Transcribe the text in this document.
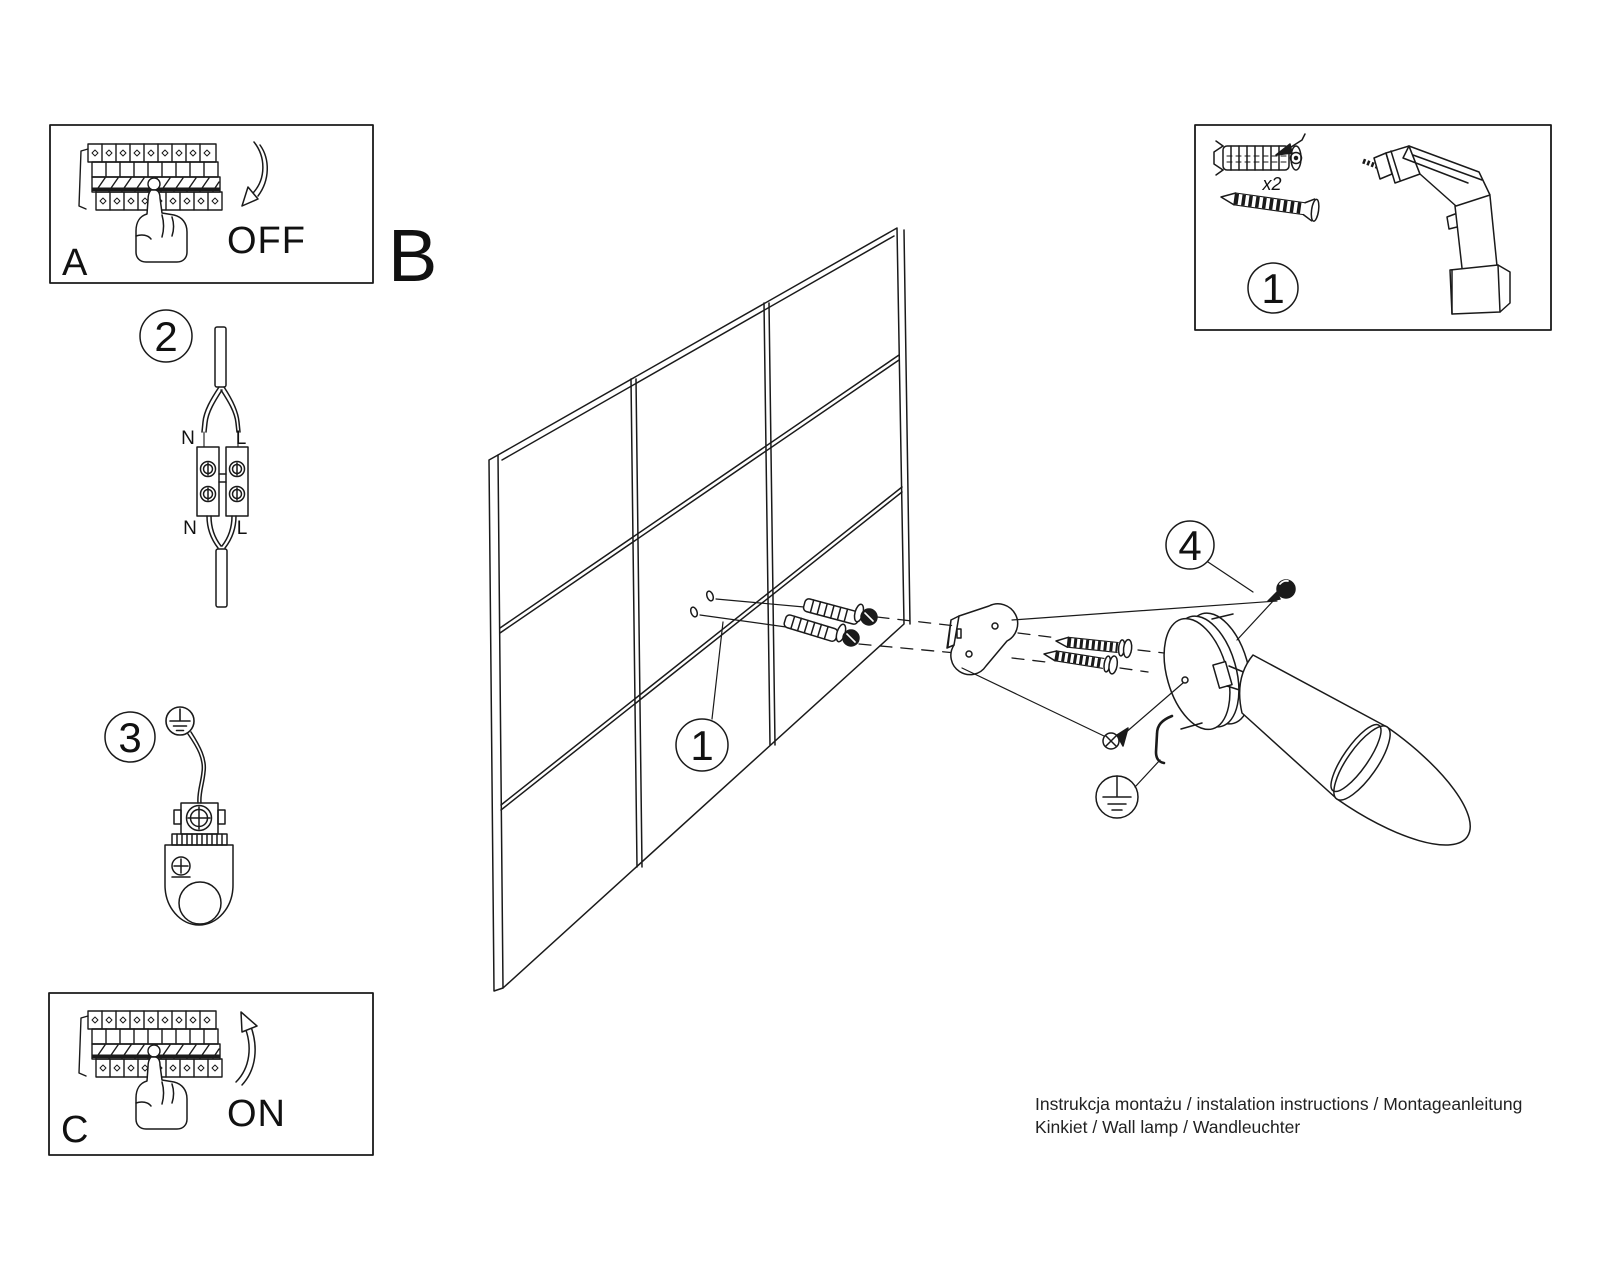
A
OFF
2
N L
N L
3
C	ON
B
1
4
x2
1
Instrukcja montażu / instalation instructions / Montageanleitung
Kinkiet / Wall lamp / Wandleuchter
